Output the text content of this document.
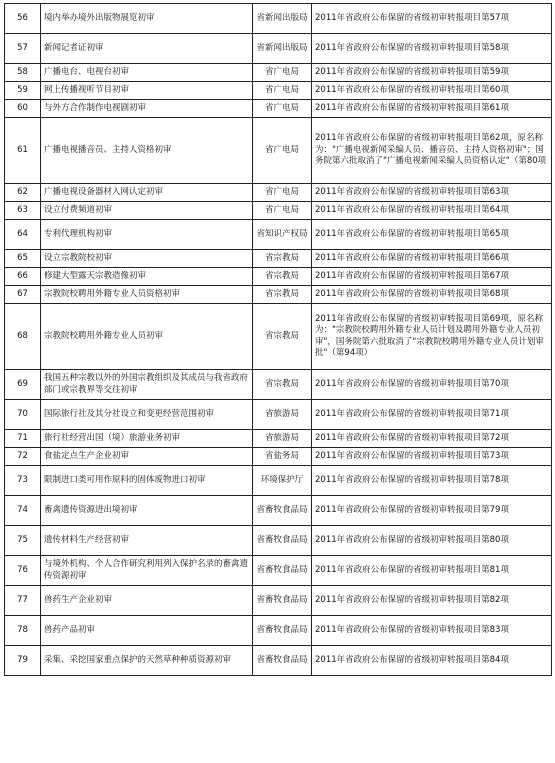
56	境内举办境外出版物展览初审	省新闻出版局	2011年省政府公布保留的省级初审转报项目第57项
57	新闻记者证初审	省新闻出版局	2011年省政府公布保留的省级初审转报项目第58项
58	广播电台、电视台初审	省广电局	2011年省政府公布保留的省级初审转报项目第59项
59	网上传播视听节目初审	省广电局	2011年省政府公布保留的省级初审转报项目第60项
60	与外方合作制作电视剧初审	省广电局	2011年省政府公布保留的省级初审转报项目第61项
61	广播电视播音员、主持人资格初审	省广电局	2011年省政府公布保留的省级初审转报项目第62项，原名称为："广播电视新闻采编人员、播音员、主持人资格初审"；国务院第六批取消了"广播电视新闻采编人员资格认定"（第80项
62	广播电视设备器材入网认定初审	省广电局	2011年省政府公布保留的省级初审转报项目第63项
63	设立付费频道初审	省广电局	2011年省政府公布保留的省级初审转报项目第64项
64	专利代理机构初审	省知识产权局	2011年省政府公布保留的省级初审转报项目第65项
65	设立宗教院校初审	省宗教局	2011年省政府公布保留的省级初审转报项目第66项
66	修建大型露天宗教造像初审	省宗教局	2011年省政府公布保留的省级初审转报项目第67项
67	宗教院校聘用外籍专业人员资格初审	省宗教局	2011年省政府公布保留的省级初审转报项目第68项
68	宗教院校聘用外籍专业人员初审	省宗教局	2011年省政府公布保留的省级初审转报项目第69项，原名称为："宗教院校聘用外籍专业人员计划及聘用外籍专业人员初审"，国务院第六批取消了"宗教院校聘用外籍专业人员计划审批"（第94项）
69	我国五种宗教以外的外国宗教组织及其成员与我省政府部门或宗教界等交往初审	省宗教局	2011年省政府公布保留的省级初审转报项目第70项
70	国际旅行社及其分社设立和变更经营范围初审	省旅游局	2011年省政府公布保留的省级初审转报项目第71项
71	旅行社经营出国（境）旅游业务初审	省旅游局	2011年省政府公布保留的省级初审转报项目第72项
72	食盐定点生产企业初审	省盐务局	2011年省政府公布保留的省级初审转报项目第73项
73	限制进口类可用作原料的固体废物进口初审	环境保护厅	2011年省政府公布保留的省级初审转报项目第78项
74	畜禽遗传资源进出境初审	省畜牧食品局	2011年省政府公布保留的省级初审转报项目第79项
75	遗传材料生产经营初审	省畜牧食品局	2011年省政府公布保留的省级初审转报项目第80项
76	与境外机构、个人合作研究利用列入保护名录的畜禽遗传资源初审	省畜牧食品局	2011年省政府公布保留的省级初审转报项目第81项
77	兽药生产企业初审	省畜牧食品局	2011年省政府公布保留的省级初审转报项目第82项
78	兽药产品初审	省畜牧食品局	2011年省政府公布保留的省级初审转报项目第83项
79	采集、采挖国家重点保护的天然草种种质资源初审	省畜牧食品局	2011年省政府公布保留的省级初审转报项目第84项
